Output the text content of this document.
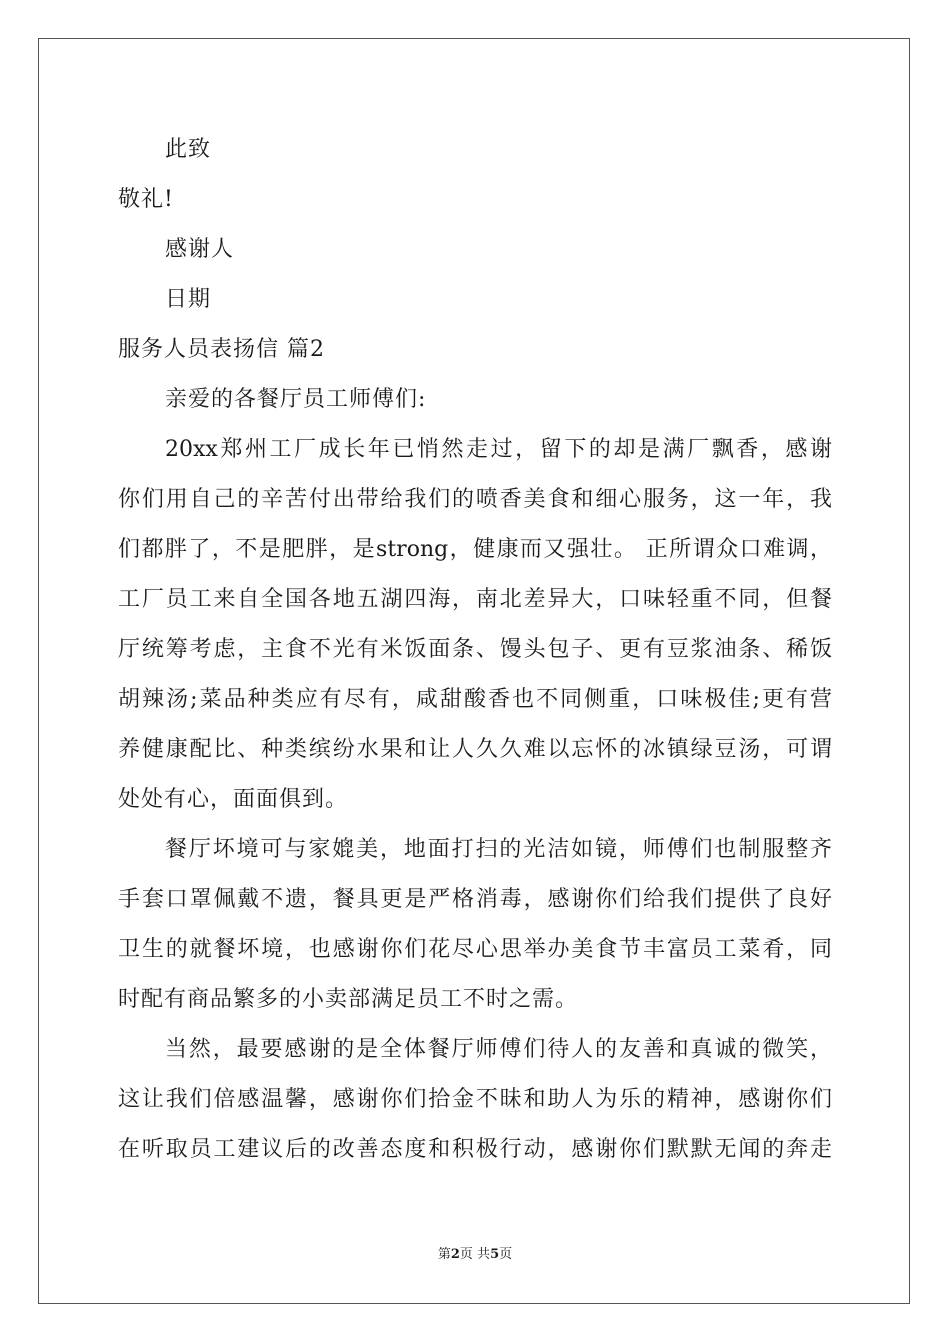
此致
敬礼!
感谢人
日期
服务人员表扬信 篇2
亲爱的各餐厅员工师傅们:
20xx郑州工厂成长年已悄然走过，留下的却是满厂飘香，感谢
你们用自己的辛苦付出带给我们的喷香美食和细心服务，这一年，我
们都胖了，不是肥胖，是strong，健康而又强壮。 正所谓众口难调，
工厂员工来自全国各地五湖四海，南北差异大，口味轻重不同，但餐
厅统筹考虑，主食不光有米饭面条、馒头包子、更有豆浆油条、稀饭
胡辣汤;菜品种类应有尽有，咸甜酸香也不同侧重，口味极佳;更有营
养健康配比、种类缤纷水果和让人久久难以忘怀的冰镇绿豆汤，可谓
处处有心，面面俱到。
餐厅坏境可与家媲美，地面打扫的光洁如镜，师傅们也制服整齐
手套口罩佩戴不遗，餐具更是严格消毒，感谢你们给我们提供了良好
卫生的就餐坏境，也感谢你们花尽心思举办美食节丰富员工菜肴，同
时配有商品繁多的小卖部满足员工不时之需。
当然，最要感谢的是全体餐厅师傅们待人的友善和真诚的微笑，
这让我们倍感温馨，感谢你们拾金不昧和助人为乐的精神，感谢你们
在听取员工建议后的改善态度和积极行动，感谢你们默默无闻的奔走
第2页 共5页
